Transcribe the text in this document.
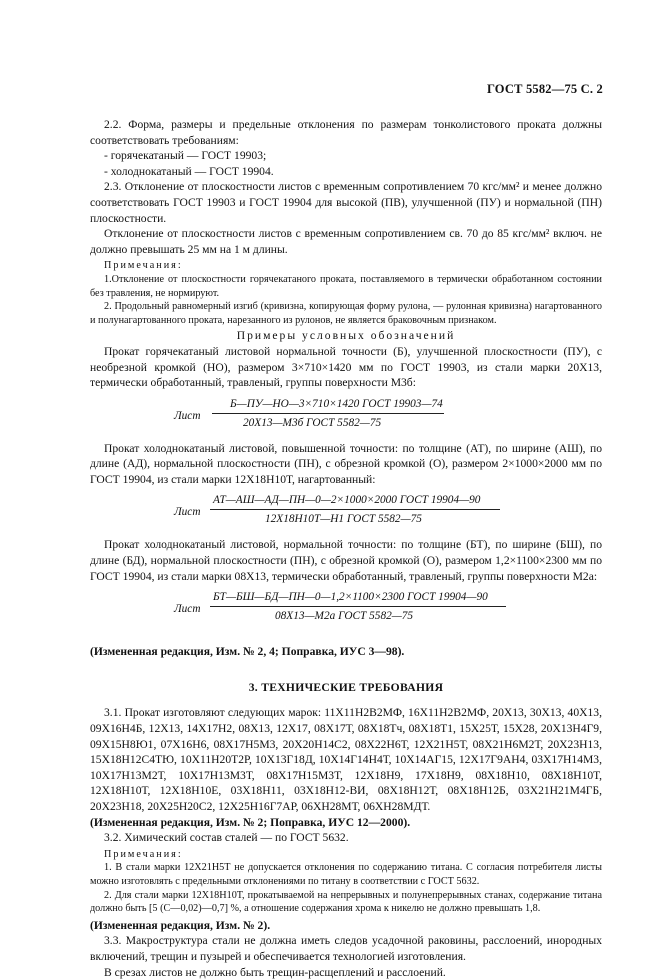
ГОСТ 5582—75 С. 2

2.2. Форма, размеры и предельные отклонения по размерам тонколистового проката должны соответствовать требованиям:

- горячекатаный — ГОСТ 19903;

- холоднокатаный — ГОСТ 19904.

2.3. Отклонение от плоскостности листов с временным сопротивлением 70 кгс/мм² и менее должно соответствовать ГОСТ 19903 и ГОСТ 19904 для высокой (ПВ), улучшенной (ПУ) и нормальной (ПН) плоскостности.

Отклонение от плоскостности листов с временным сопротивлением св. 70 до 85 кгс/мм² включ. не должно превышать 25 мм на 1 м длины.

Примечания:

1.Отклонение от плоскостности горячекатаного проката, поставляемого в термически обработанном состоянии без травления, не нормируют.

2. Продольный равномерный изгиб (кривизна, копирующая форму рулона, — рулонная кривизна) нагартованного и полунагартованного проката, нарезанного из рулонов, не является браковочным признаком.

Примеры условных обозначений

Прокат горячекатаный листовой нормальной точности (Б), улучшенной плоскостности (ПУ), с необрезной кромкой (НО), размером 3×710×1420 мм по ГОСТ 19903, из стали марки 20Х13, термически обработанный, травленый, группы поверхности М3б:

Лист
Б—ПУ—НО—3×710×1420 ГОСТ 19903—74
20Х13—М3б ГОСТ 5582—75

Прокат холоднокатаный листовой, повышенной точности: по толщине (АТ), по ширине (АШ), по длине (АД), нормальной плоскостности (ПН), с обрезной кромкой (О), размером 2×1000×2000 мм по ГОСТ 19904, из стали марки 12Х18Н10Т, нагартованный:

Лист
АТ—АШ—АД—ПН—0—2×1000×2000 ГОСТ 19904—90
12Х18Н10Т—Н1 ГОСТ 5582—75

Прокат холоднокатаный листовой, нормальной точности: по толщине (БТ), по ширине (БШ), по длине (БД), нормальной плоскостности (ПН), с обрезной кромкой (О), размером 1,2×1100×2300 мм по ГОСТ 19904, из стали марки 08Х13, термически обработанный, травленый, группы поверхности М2а:

Лист
БТ—БШ—БД—ПН—0—1,2×1100×2300 ГОСТ 19904—90
08Х13—М2а ГОСТ 5582—75

(Измененная редакция, Изм. № 2, 4; Поправка, ИУС 3—98).

3. ТЕХНИЧЕСКИЕ ТРЕБОВАНИЯ

3.1. Прокат изготовляют следующих марок: 11Х11Н2В2МФ, 16Х11Н2В2МФ, 20Х13, 30Х13, 40Х13, 09Х16Н4Б, 12Х13, 14Х17Н2, 08Х13, 12Х17, 08Х17Т, 08Х18Тч, 08Х18Т1, 15Х25Т, 15Х28, 20Х13Н4Г9, 09Х15Н8Ю1, 07Х16Н6, 08Х17Н5М3, 20Х20Н14С2, 08Х22Н6Т, 12Х21Н5Т, 08Х21Н6М2Т, 20Х23Н13, 15Х18Н12С4ТЮ, 10Х11Н20Т2Р, 10Х13Г18Д, 10Х14Г14Н4Т, 10Х14АГ15, 12Х17Г9АН4, 03Х17Н14М3, 10Х17Н13М2Т, 10Х17Н13М3Т, 08Х17Н15М3Т, 12Х18Н9, 17Х18Н9, 08Х18Н10, 08Х18Н10Т, 12Х18Н10Т, 12Х18Н10Е, 03Х18Н11, 03Х18Н12-ВИ, 08Х18Н12Т, 08Х18Н12Б, 03Х21Н21М4ГБ, 20Х23Н18, 20Х25Н20С2, 12Х25Н16Г7АР, 06ХН28МТ, 06ХН28МДТ.

(Измененная редакция, Изм. № 2; Поправка, ИУС 12—2000).

3.2. Химический состав сталей — по ГОСТ 5632.

Примечания:

1. В стали марки 12Х21Н5Т не допускается отклонения по содержанию титана. С согласия потребителя листы можно изготовлять с предельными отклонениями по титану в соответствии с ГОСТ 5632.

2. Для стали марки 12Х18Н10Т, прокатываемой на непрерывных и полунепрерывных станах, содержание титана должно быть [5 (С—0,02)—0,7] %, а отношение содержания хрома к никелю не должно превышать 1,8.

(Измененная редакция, Изм. № 2).

3.3. Макроструктура стали не должна иметь следов усадочной раковины, расслоений, инородных включений, трещин и пузырей и обеспечивается технологией изготовления.

В срезах листов не должно быть трещин-расщеплений и расслоений.
